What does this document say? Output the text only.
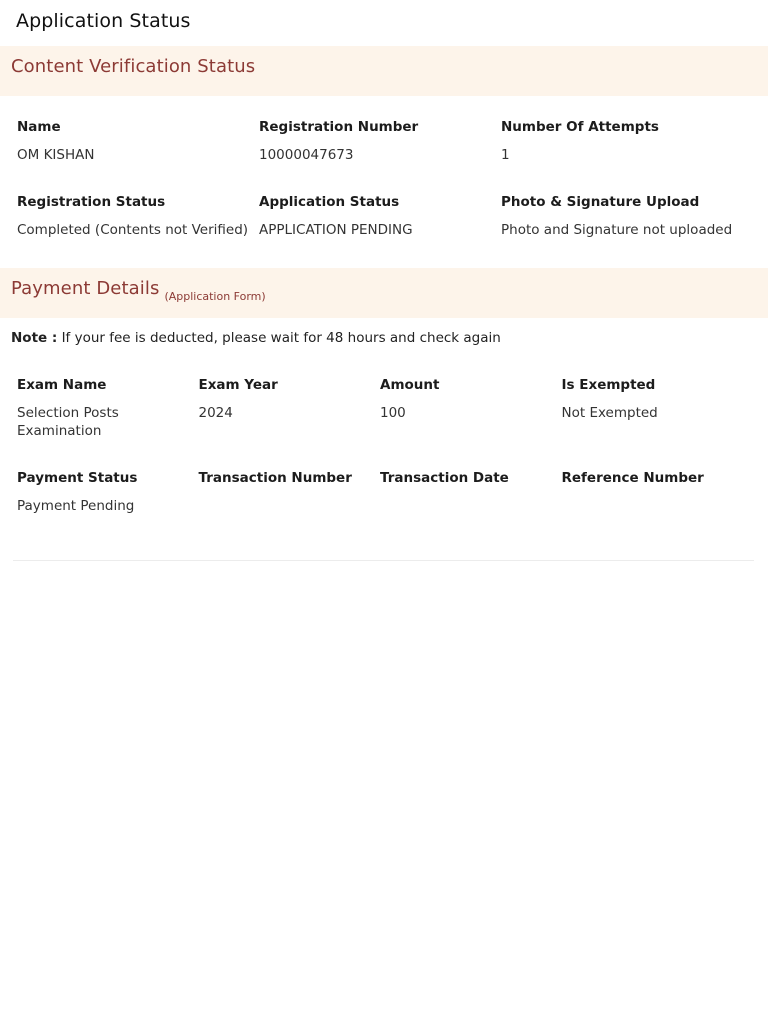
Application Status
Content Verification Status
Name
OM KISHAN
Registration Number
10000047673
Number Of Attempts
1
Registration Status
Completed (Contents not Verified)
Application Status
APPLICATION PENDING
Photo & Signature Upload
Photo and Signature not uploaded
Payment Details (Application Form)
Note : If your fee is deducted, please wait for 48 hours and check again
Exam Name
Selection Posts Examination
Exam Year
2024
Amount
100
Is Exempted
Not Exempted
Payment Status
Payment Pending
Transaction Number	Transaction Date	Reference Number
